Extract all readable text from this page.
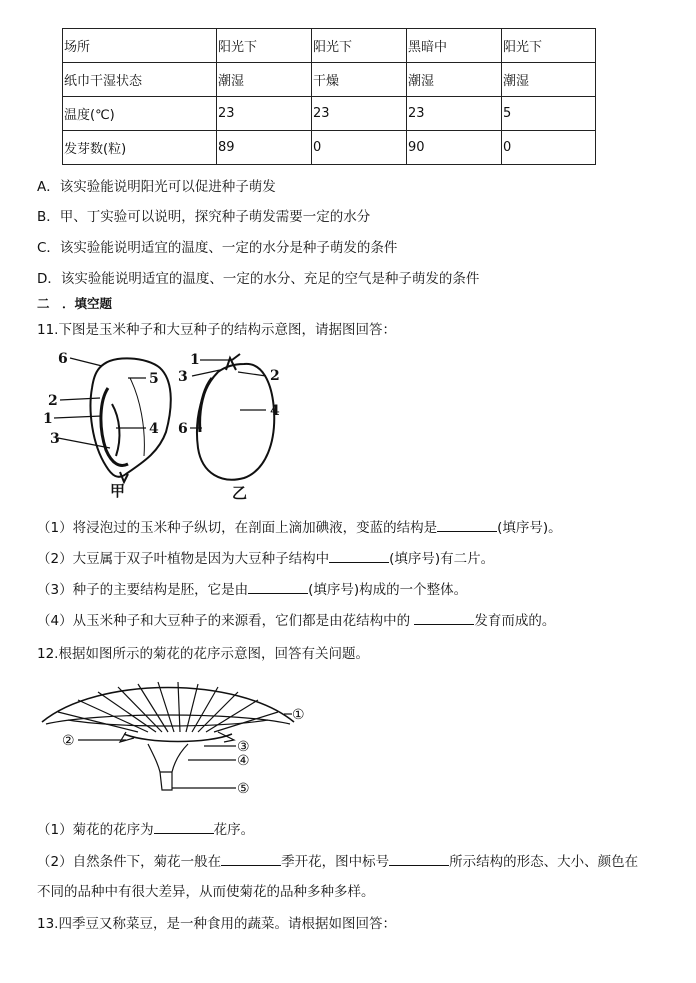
场所	阳光下	阳光下	黑暗中	阳光下
纸巾干湿状态	潮湿	干燥	潮湿	潮湿
温度(℃)	23	23	23	5
发芽数(粒)	89	0	90	0
A．该实验能说明阳光可以促进种子萌发
B．甲、丁实验可以说明，探究种子萌发需要一定的水分
C．该实验能说明适宜的温度、一定的水分是种子萌发的条件
D．该实验能说明适宜的温度、一定的水分、充足的空气是种子萌发的条件
二　．填空题
11.下图是玉米种子和大豆种子的结构示意图，请据图回答：
6
5
2
1
4
3
甲
1
2
3
4
6
乙
（1）将浸泡过的玉米种子纵切，在剖面上滴加碘液，变蓝的结构是	(填序号)。
（2）大豆属于双子叶植物是因为大豆种子结构中	(填序号)有二片。
（3）种子的主要结构是胚，它是由	(填序号)构成的一个整体。
（4）从玉米种子和大豆种子的来源看，它们都是由花结构中的	发育而成的。
12.根据如图所示的菊花的花序示意图，回答有关问题。
①
②	③
④
⑤
（1）菊花的花序为	花序。
（2）自然条件下，菊花一般在	季开花，图中标号	所示结构的形态、大小、颜色在
不同的品种中有很大差异，从而使菊花的品种多种多样。
13.四季豆又称菜豆，是一种食用的蔬菜。请根据如图回答：
